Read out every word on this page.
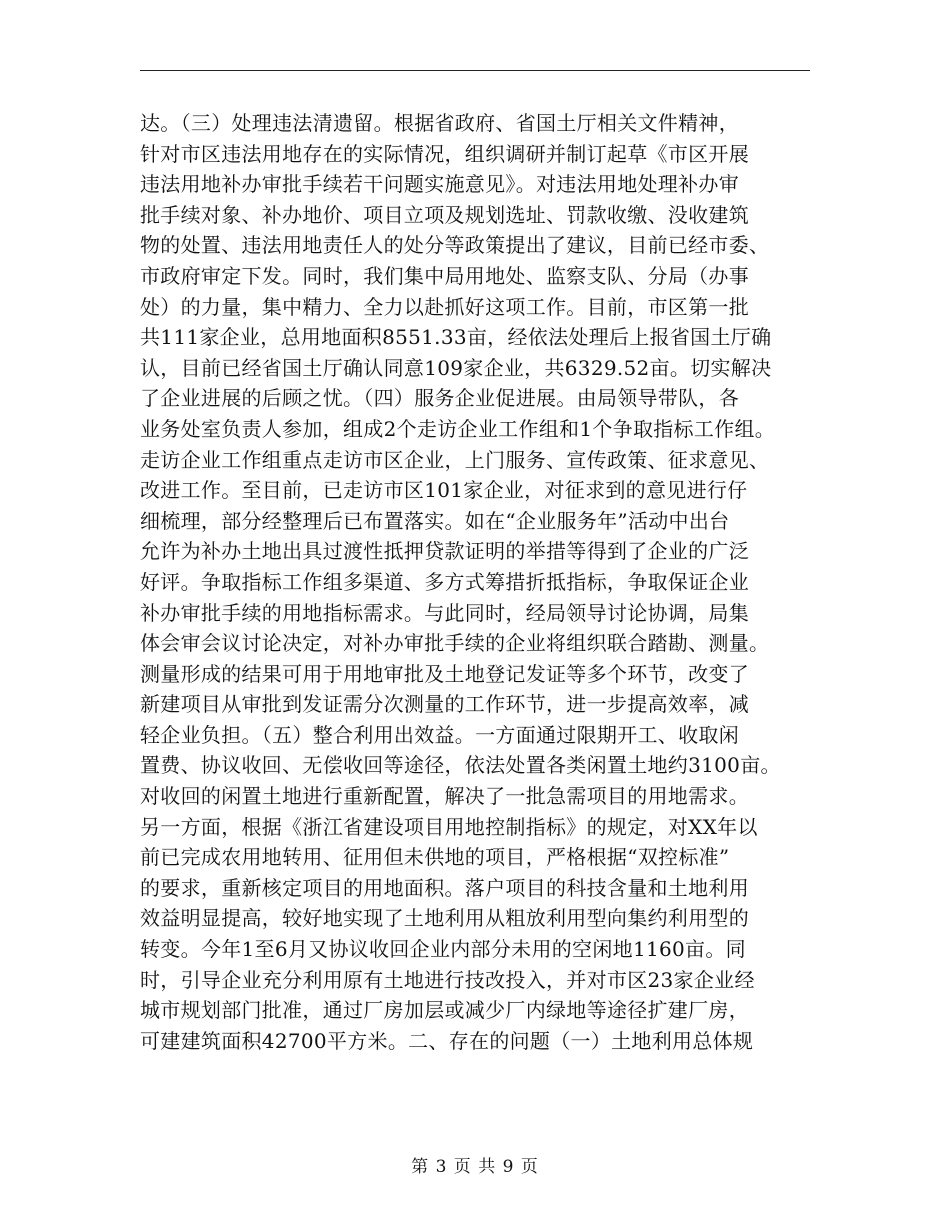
达。（三）处理违法清遗留。根据省政府、省国土厅相关文件精神，
针对市区违法用地存在的实际情况，组织调研并制订起草《市区开展
违法用地补办审批手续若干问题实施意见》。对违法用地处理补办审
批手续对象、补办地价、项目立项及规划选址、罚款收缴、没收建筑
物的处置、违法用地责任人的处分等政策提出了建议，目前已经市委、
市政府审定下发。同时，我们集中局用地处、监察支队、分局（办事
处）的力量，集中精力、全力以赴抓好这项工作。目前，市区第一批
共111家企业，总用地面积8551.33亩，经依法处理后上报省国土厅确
认，目前已经省国土厅确认同意109家企业，共6329.52亩。切实解决
了企业进展的后顾之忧。（四）服务企业促进展。由局领导带队，各
业务处室负责人参加，组成2个走访企业工作组和1个争取指标工作组。
走访企业工作组重点走访市区企业，上门服务、宣传政策、征求意见、
改进工作。至目前，已走访市区101家企业，对征求到的意见进行仔
细梳理，部分经整理后已布置落实。如在“企业服务年”活动中出台
允许为补办土地出具过渡性抵押贷款证明的举措等得到了企业的广泛
好评。争取指标工作组多渠道、多方式筹措折抵指标，争取保证企业
补办审批手续的用地指标需求。与此同时，经局领导讨论协调，局集
体会审会议讨论决定，对补办审批手续的企业将组织联合踏勘、测量。
测量形成的结果可用于用地审批及土地登记发证等多个环节，改变了
新建项目从审批到发证需分次测量的工作环节，进一步提高效率，减
轻企业负担。（五）整合利用出效益。一方面通过限期开工、收取闲
置费、协议收回、无偿收回等途径，依法处置各类闲置土地约3100亩。
对收回的闲置土地进行重新配置，解决了一批急需项目的用地需求。
另一方面，根据《浙江省建设项目用地控制指标》的规定，对XX年以
前已完成农用地转用、征用但未供地的项目，严格根据“双控标准”
的要求，重新核定项目的用地面积。落户项目的科技含量和土地利用
效益明显提高，较好地实现了土地利用从粗放利用型向集约利用型的
转变。今年1至6月又协议收回企业内部分未用的空闲地1160亩。同
时，引导企业充分利用原有土地进行技改投入，并对市区23家企业经
城市规划部门批准，通过厂房加层或减少厂内绿地等途径扩建厂房，
可建建筑面积42700平方米。二、存在的问题（一）土地利用总体规
第 3 页 共 9 页
